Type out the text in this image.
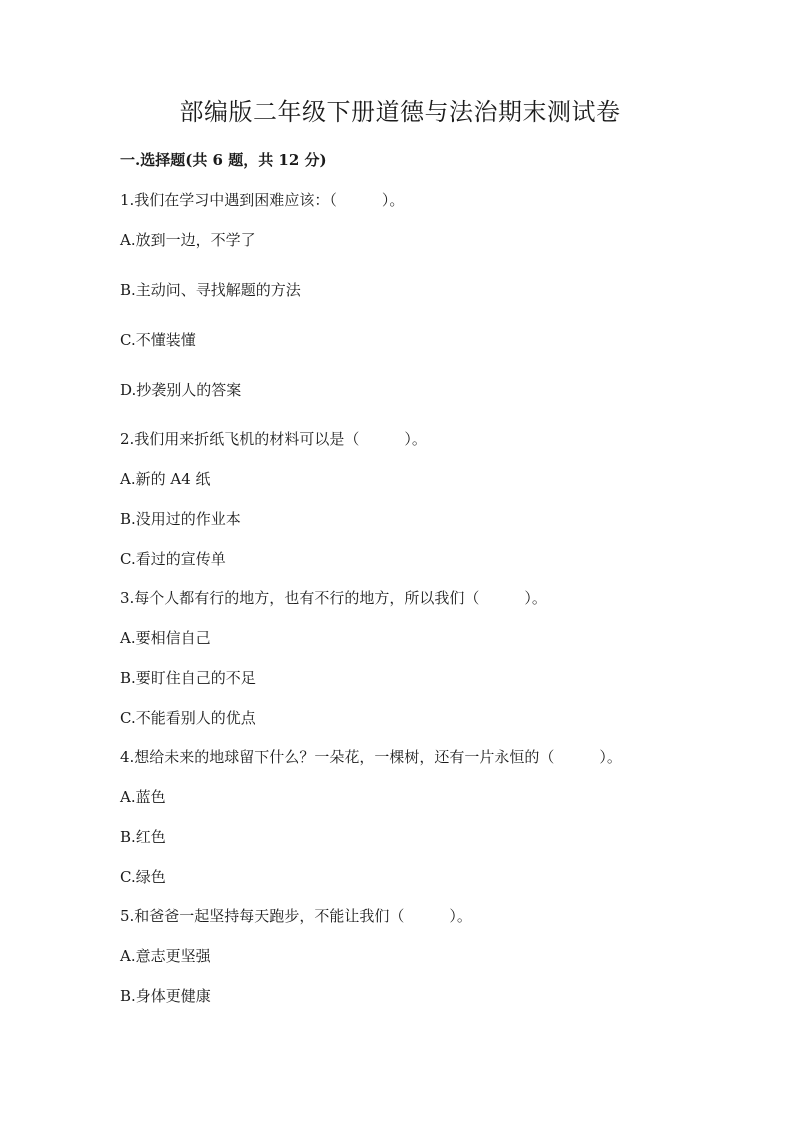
部编版二年级下册道德与法治期末测试卷
一.选择题(共 6 题，共 12 分)
1.我们在学习中遇到困难应该：（　　　）。
A.放到一边，不学了
B.主动问、寻找解题的方法
C.不懂装懂
D.抄袭别人的答案
2.我们用来折纸飞机的材料可以是（　　　）。
A.新的 A4 纸
B.没用过的作业本
C.看过的宣传单
3.每个人都有行的地方，也有不行的地方，所以我们（　　　）。
A.要相信自己
B.要盯住自己的不足
C.不能看别人的优点
4.想给未来的地球留下什么？一朵花，一棵树，还有一片永恒的（　　　）。
A.蓝色
B.红色
C.绿色
5.和爸爸一起坚持每天跑步，不能让我们（　　　）。
A.意志更坚强
B.身体更健康
